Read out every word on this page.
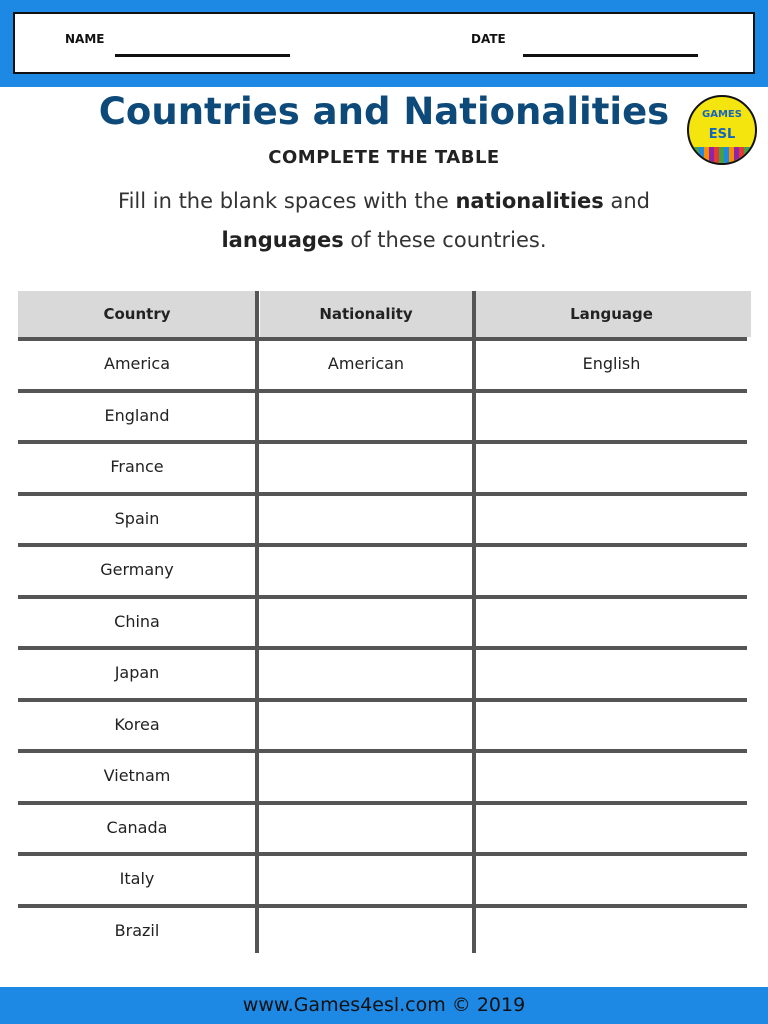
NAME	DATE
Countries and Nationalities
COMPLETE THE TABLE
GAMES
ESL
Fill in the blank spaces with the nationalities and
languages of these countries.
Country	Nationality	Language
America	American	English
England
France
Spain
Germany
China
Japan
Korea
Vietnam
Canada
Italy
Brazil
www.Games4esl.com © 2019
